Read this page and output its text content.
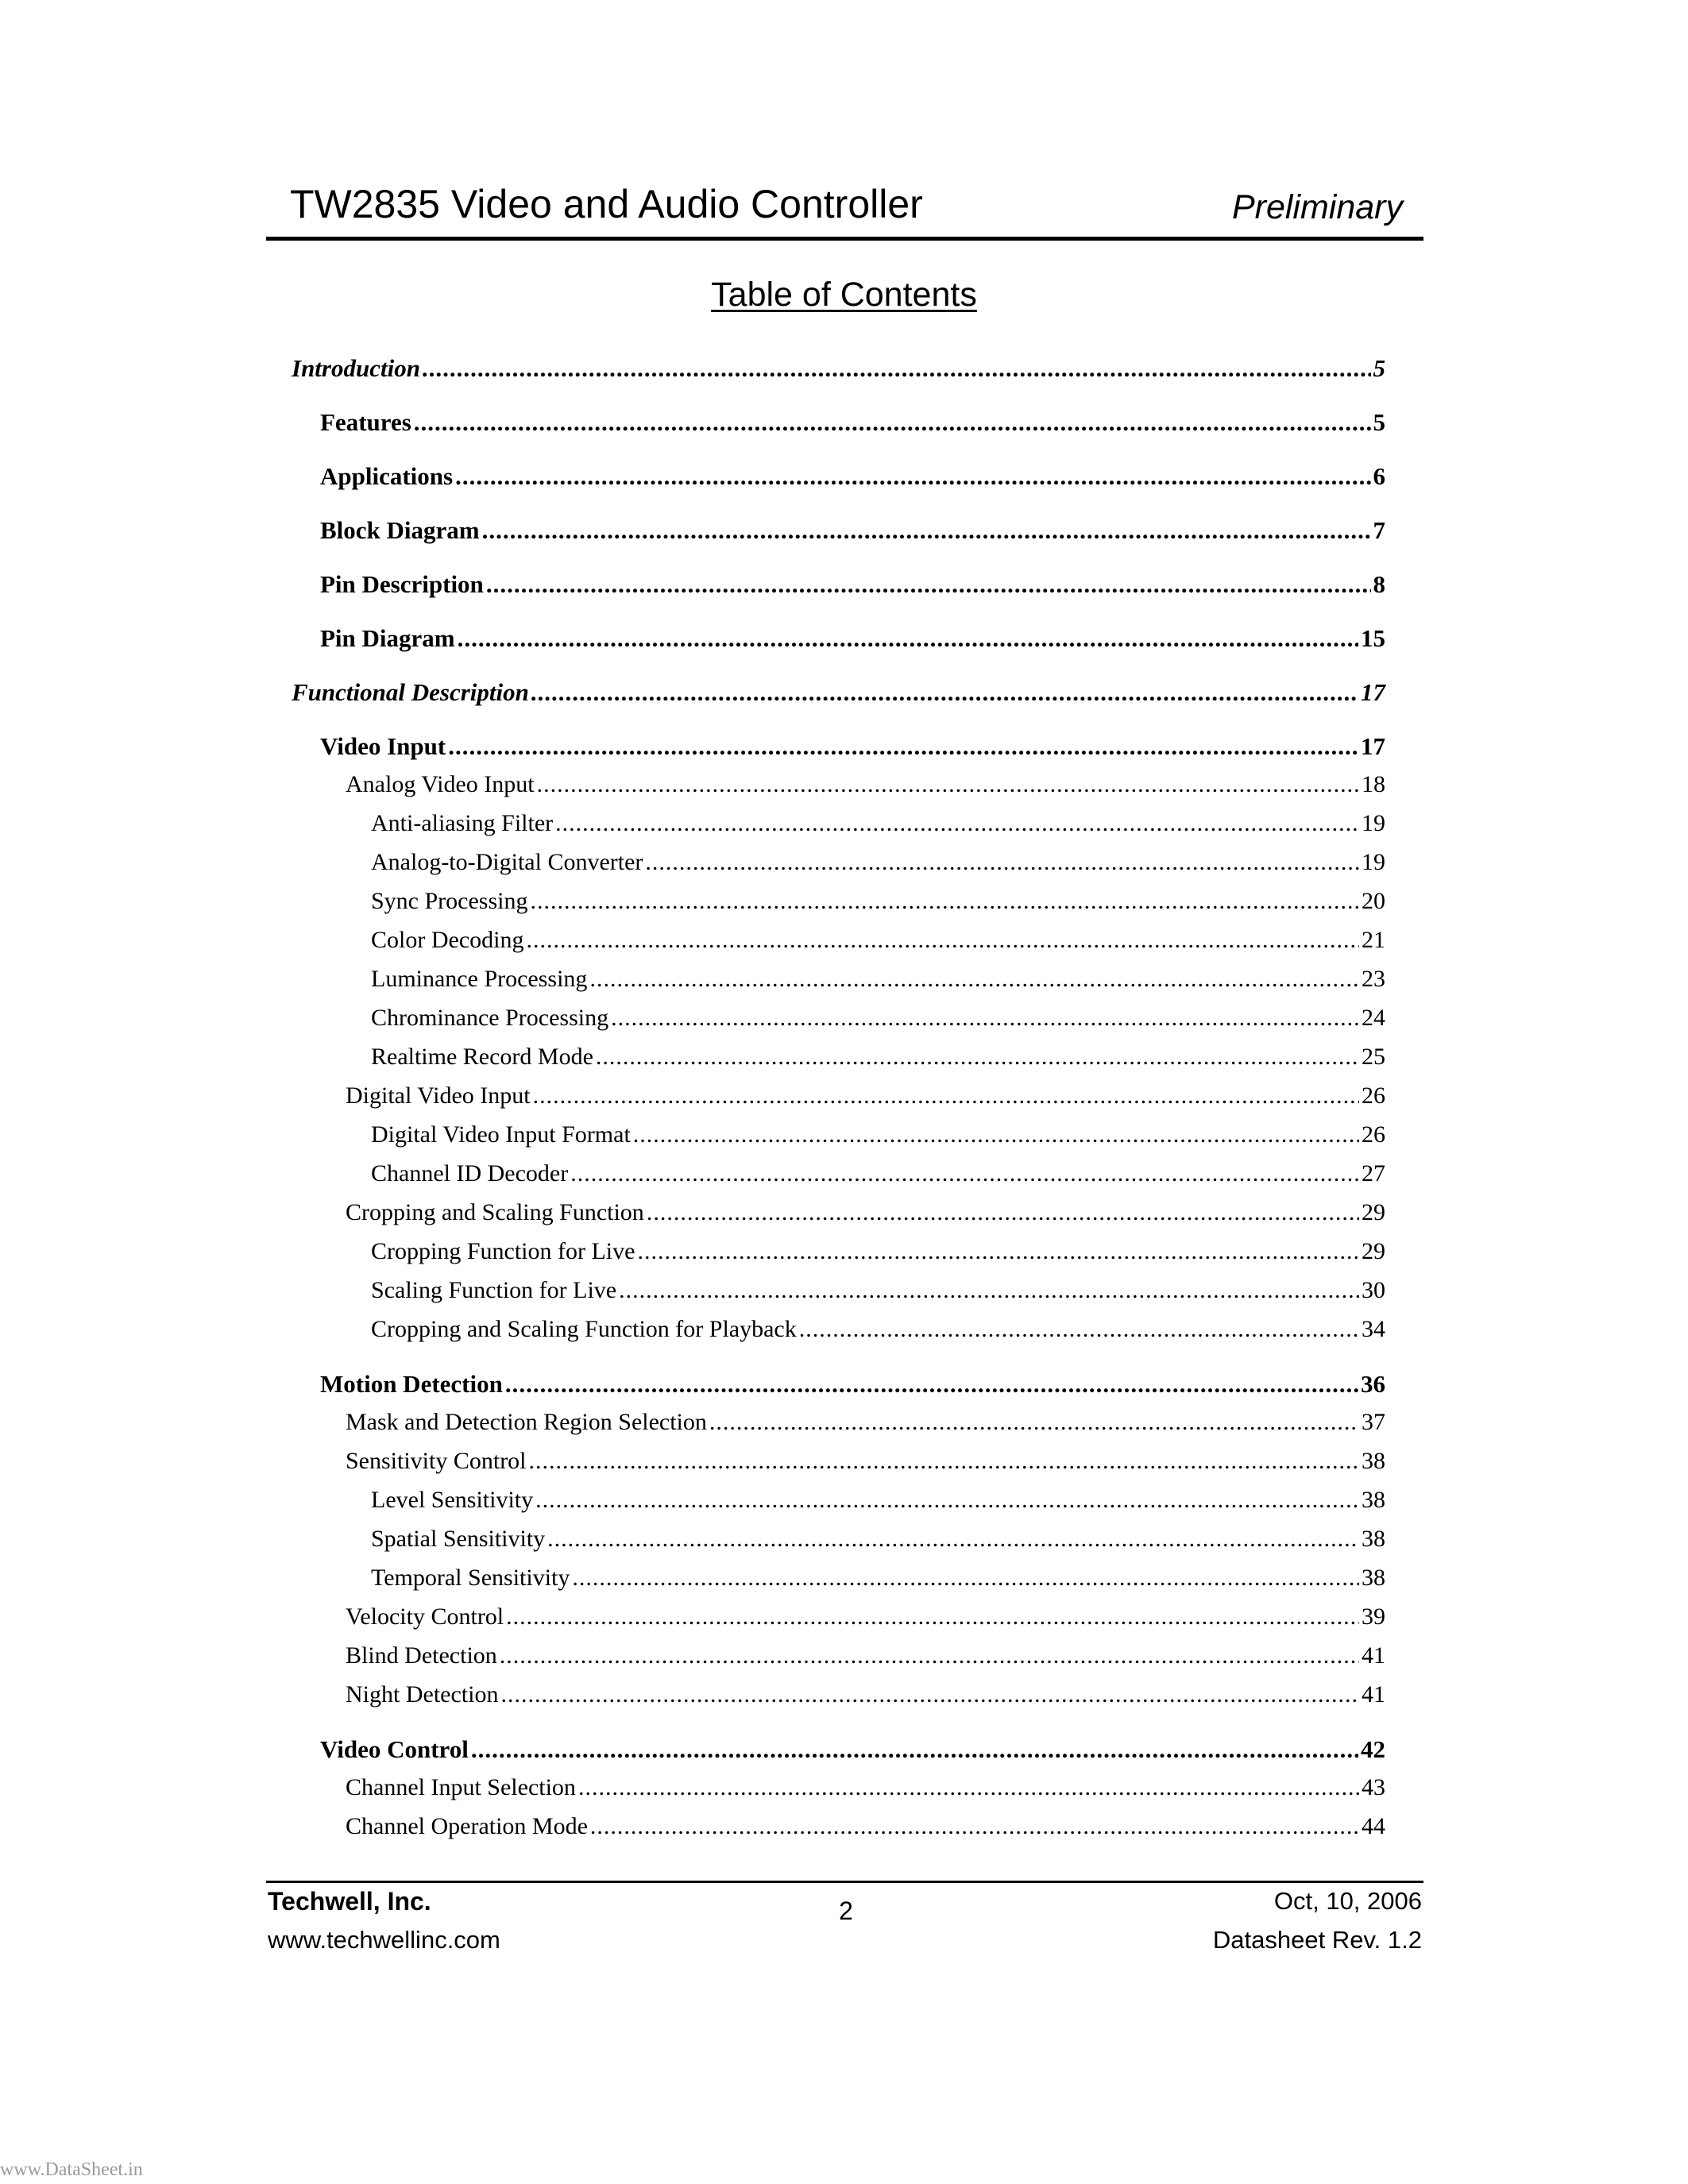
TW2835 Video and Audio Controller	Preliminary
Table of Contents
Introduction .....	5
Features .....	5
Applications .....	6
Block Diagram .....	7
Pin Description .....	8
Pin Diagram .....	15
Functional Description .....	17
Video Input .....	17
Analog Video Input .....	18
Anti-aliasing Filter .....	19
Analog-to-Digital Converter .....	19
Sync Processing .....	20
Color Decoding .....	21
Luminance Processing .....	23
Chrominance Processing .....	24
Realtime Record Mode .....	25
Digital Video Input .....	26
Digital Video Input Format .....	26
Channel ID Decoder .....	27
Cropping and Scaling Function .....	29
Cropping Function for Live .....	29
Scaling Function for Live .....	30
Cropping and Scaling Function for Playback .....	34
Motion Detection .....	36
Mask and Detection Region Selection .....	37
Sensitivity Control .....	38
Level Sensitivity .....	38
Spatial Sensitivity .....	38
Temporal Sensitivity .....	38
Velocity Control .....	39
Blind Detection .....	41
Night Detection .....	41
Video Control .....	42
Channel Input Selection .....	43
Channel Operation Mode .....	44
Techwell, Inc.
www.techwellinc.com
2	Oct, 10, 2006
Datasheet Rev. 1.2
www.DataSheet.in
